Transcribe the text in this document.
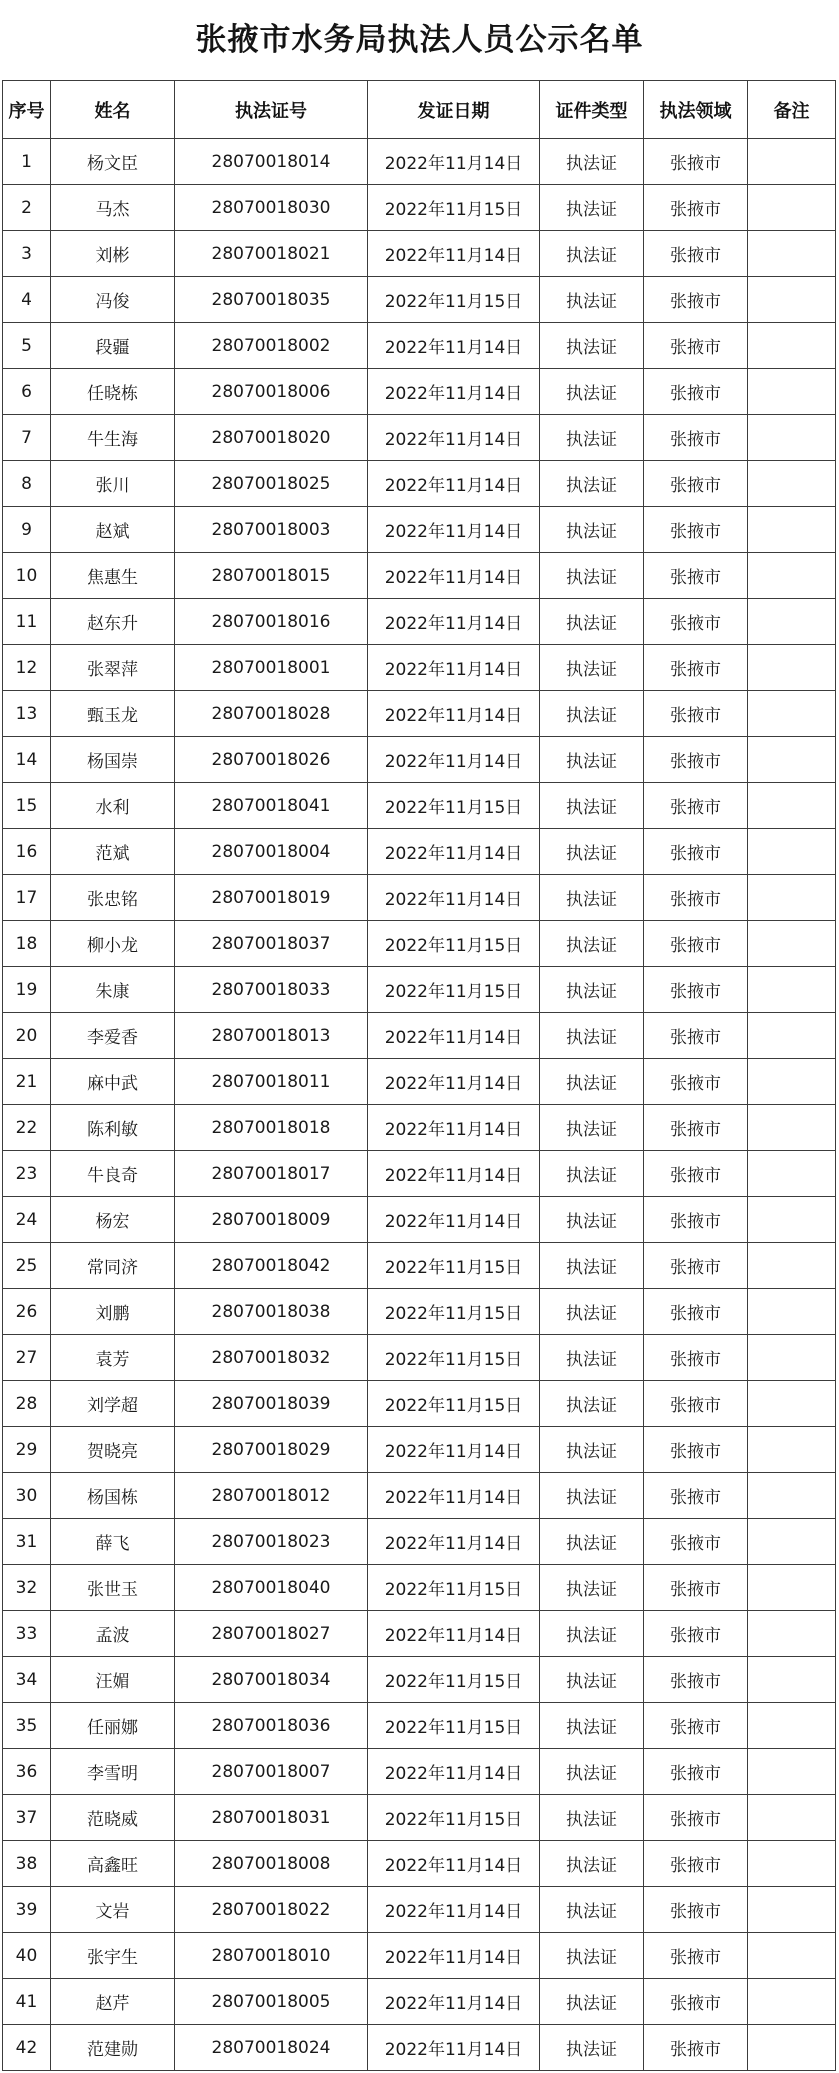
张掖市水务局执法人员公示名单
序号	姓名	执法证号	发证日期	证件类型	执法领域	备注
1	杨文臣	28070018014	2022年11月14日	执法证	张掖市	
2	马杰	28070018030	2022年11月15日	执法证	张掖市	
3	刘彬	28070018021	2022年11月14日	执法证	张掖市	
4	冯俊	28070018035	2022年11月15日	执法证	张掖市	
5	段疆	28070018002	2022年11月14日	执法证	张掖市	
6	任晓栋	28070018006	2022年11月14日	执法证	张掖市	
7	牛生海	28070018020	2022年11月14日	执法证	张掖市	
8	张川	28070018025	2022年11月14日	执法证	张掖市	
9	赵斌	28070018003	2022年11月14日	执法证	张掖市	
10	焦惠生	28070018015	2022年11月14日	执法证	张掖市	
11	赵东升	28070018016	2022年11月14日	执法证	张掖市	
12	张翠萍	28070018001	2022年11月14日	执法证	张掖市	
13	甄玉龙	28070018028	2022年11月14日	执法证	张掖市	
14	杨国崇	28070018026	2022年11月14日	执法证	张掖市	
15	水利	28070018041	2022年11月15日	执法证	张掖市	
16	范斌	28070018004	2022年11月14日	执法证	张掖市	
17	张忠铭	28070018019	2022年11月14日	执法证	张掖市	
18	柳小龙	28070018037	2022年11月15日	执法证	张掖市	
19	朱康	28070018033	2022年11月15日	执法证	张掖市	
20	李爱香	28070018013	2022年11月14日	执法证	张掖市	
21	麻中武	28070018011	2022年11月14日	执法证	张掖市	
22	陈利敏	28070018018	2022年11月14日	执法证	张掖市	
23	牛良奇	28070018017	2022年11月14日	执法证	张掖市	
24	杨宏	28070018009	2022年11月14日	执法证	张掖市	
25	常同济	28070018042	2022年11月15日	执法证	张掖市	
26	刘鹏	28070018038	2022年11月15日	执法证	张掖市	
27	袁芳	28070018032	2022年11月15日	执法证	张掖市	
28	刘学超	28070018039	2022年11月15日	执法证	张掖市	
29	贺晓亮	28070018029	2022年11月14日	执法证	张掖市	
30	杨国栋	28070018012	2022年11月14日	执法证	张掖市	
31	薛飞	28070018023	2022年11月14日	执法证	张掖市	
32	张世玉	28070018040	2022年11月15日	执法证	张掖市	
33	孟波	28070018027	2022年11月14日	执法证	张掖市	
34	汪媚	28070018034	2022年11月15日	执法证	张掖市	
35	任丽娜	28070018036	2022年11月15日	执法证	张掖市	
36	李雪明	28070018007	2022年11月14日	执法证	张掖市	
37	范晓威	28070018031	2022年11月15日	执法证	张掖市	
38	高鑫旺	28070018008	2022年11月14日	执法证	张掖市	
39	文岩	28070018022	2022年11月14日	执法证	张掖市	
40	张宇生	28070018010	2022年11月14日	执法证	张掖市	
41	赵芹	28070018005	2022年11月14日	执法证	张掖市	
42	范建勋	28070018024	2022年11月14日	执法证	张掖市	
